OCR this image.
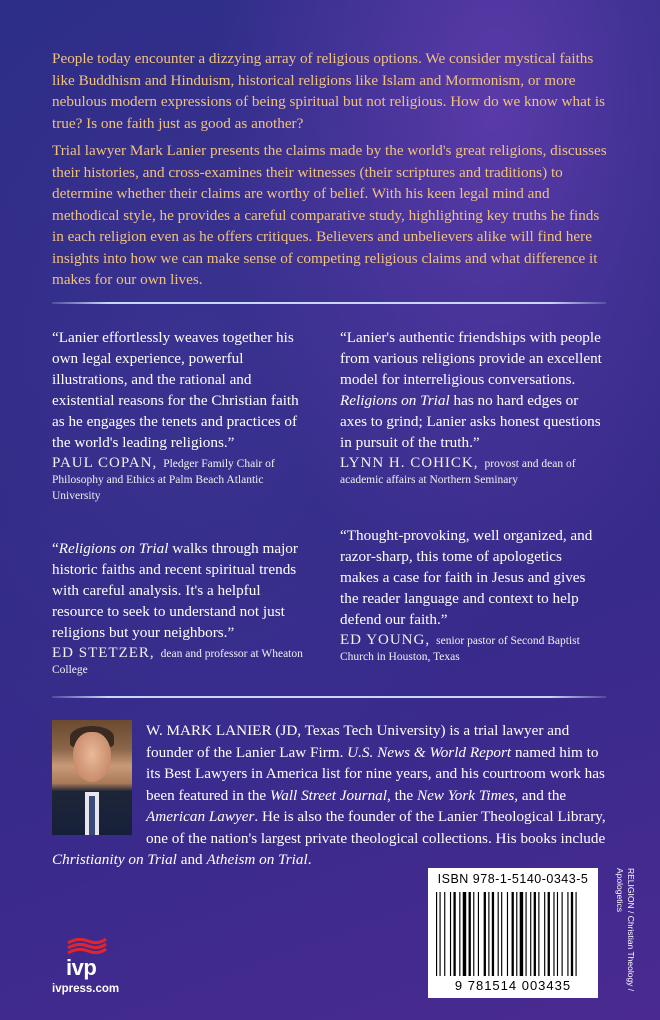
People today encounter a dizzying array of religious options. We consider mystical faiths like Buddhism and Hinduism, historical religions like Islam and Mormonism, or more nebulous modern expressions of being spiritual but not religious. How do we know what is true? Is one faith just as good as another?

Trial lawyer Mark Lanier presents the claims made by the world's great religions, discusses their histories, and cross-examines their witnesses (their scriptures and traditions) to determine whether their claims are worthy of belief. With his keen legal mind and methodical style, he provides a careful comparative study, highlighting key truths he finds in each religion even as he offers critiques. Believers and unbelievers alike will find here insights into how we can make sense of competing religious claims and what difference it makes for our own lives.

“Lanier effortlessly weaves together his own legal experience, powerful illustrations, and the rational and existential reasons for the Christian faith as he engages the tenets and practices of the world's leading religions.”

PAUL COPAN, Pledger Family Chair of Philosophy and Ethics at Palm Beach Atlantic University

“Religions on Trial walks through major historic faiths and recent spiritual trends with careful analysis. It's a helpful resource to seek to understand not just religions but your neighbors.”

ED STETZER, dean and professor at Wheaton College

“Lanier's authentic friendships with people from various religions provide an excellent model for interreligious conversations. Religions on Trial has no hard edges or axes to grind; Lanier asks honest questions in pursuit of the truth.”

LYNN H. COHICK, provost and dean of academic affairs at Northern Seminary

“Thought-provoking, well organized, and razor-sharp, this tome of apologetics makes a case for faith in Jesus and gives the reader language and context to help defend our faith.”

ED YOUNG, senior pastor of Second Baptist Church in Houston, Texas
W. MARK LANIER (JD, Texas Tech University) is a trial lawyer and founder of the Lanier Law Firm. U.S. News & World Report named him to its Best Lawyers in America list for nine years, and his courtroom work has been featured in the Wall Street Journal, the New York Times, and the American Lawyer. He is also the founder of the Lanier Theological Library, one of the nation's largest private theological collections. His books include Christianity on Trial and Atheism on Trial.
ivp
ivpress.com
ISBN 978-1-5140-0343-5
9 781514 003435	RELIGION / Christian Theology / Apologetics
